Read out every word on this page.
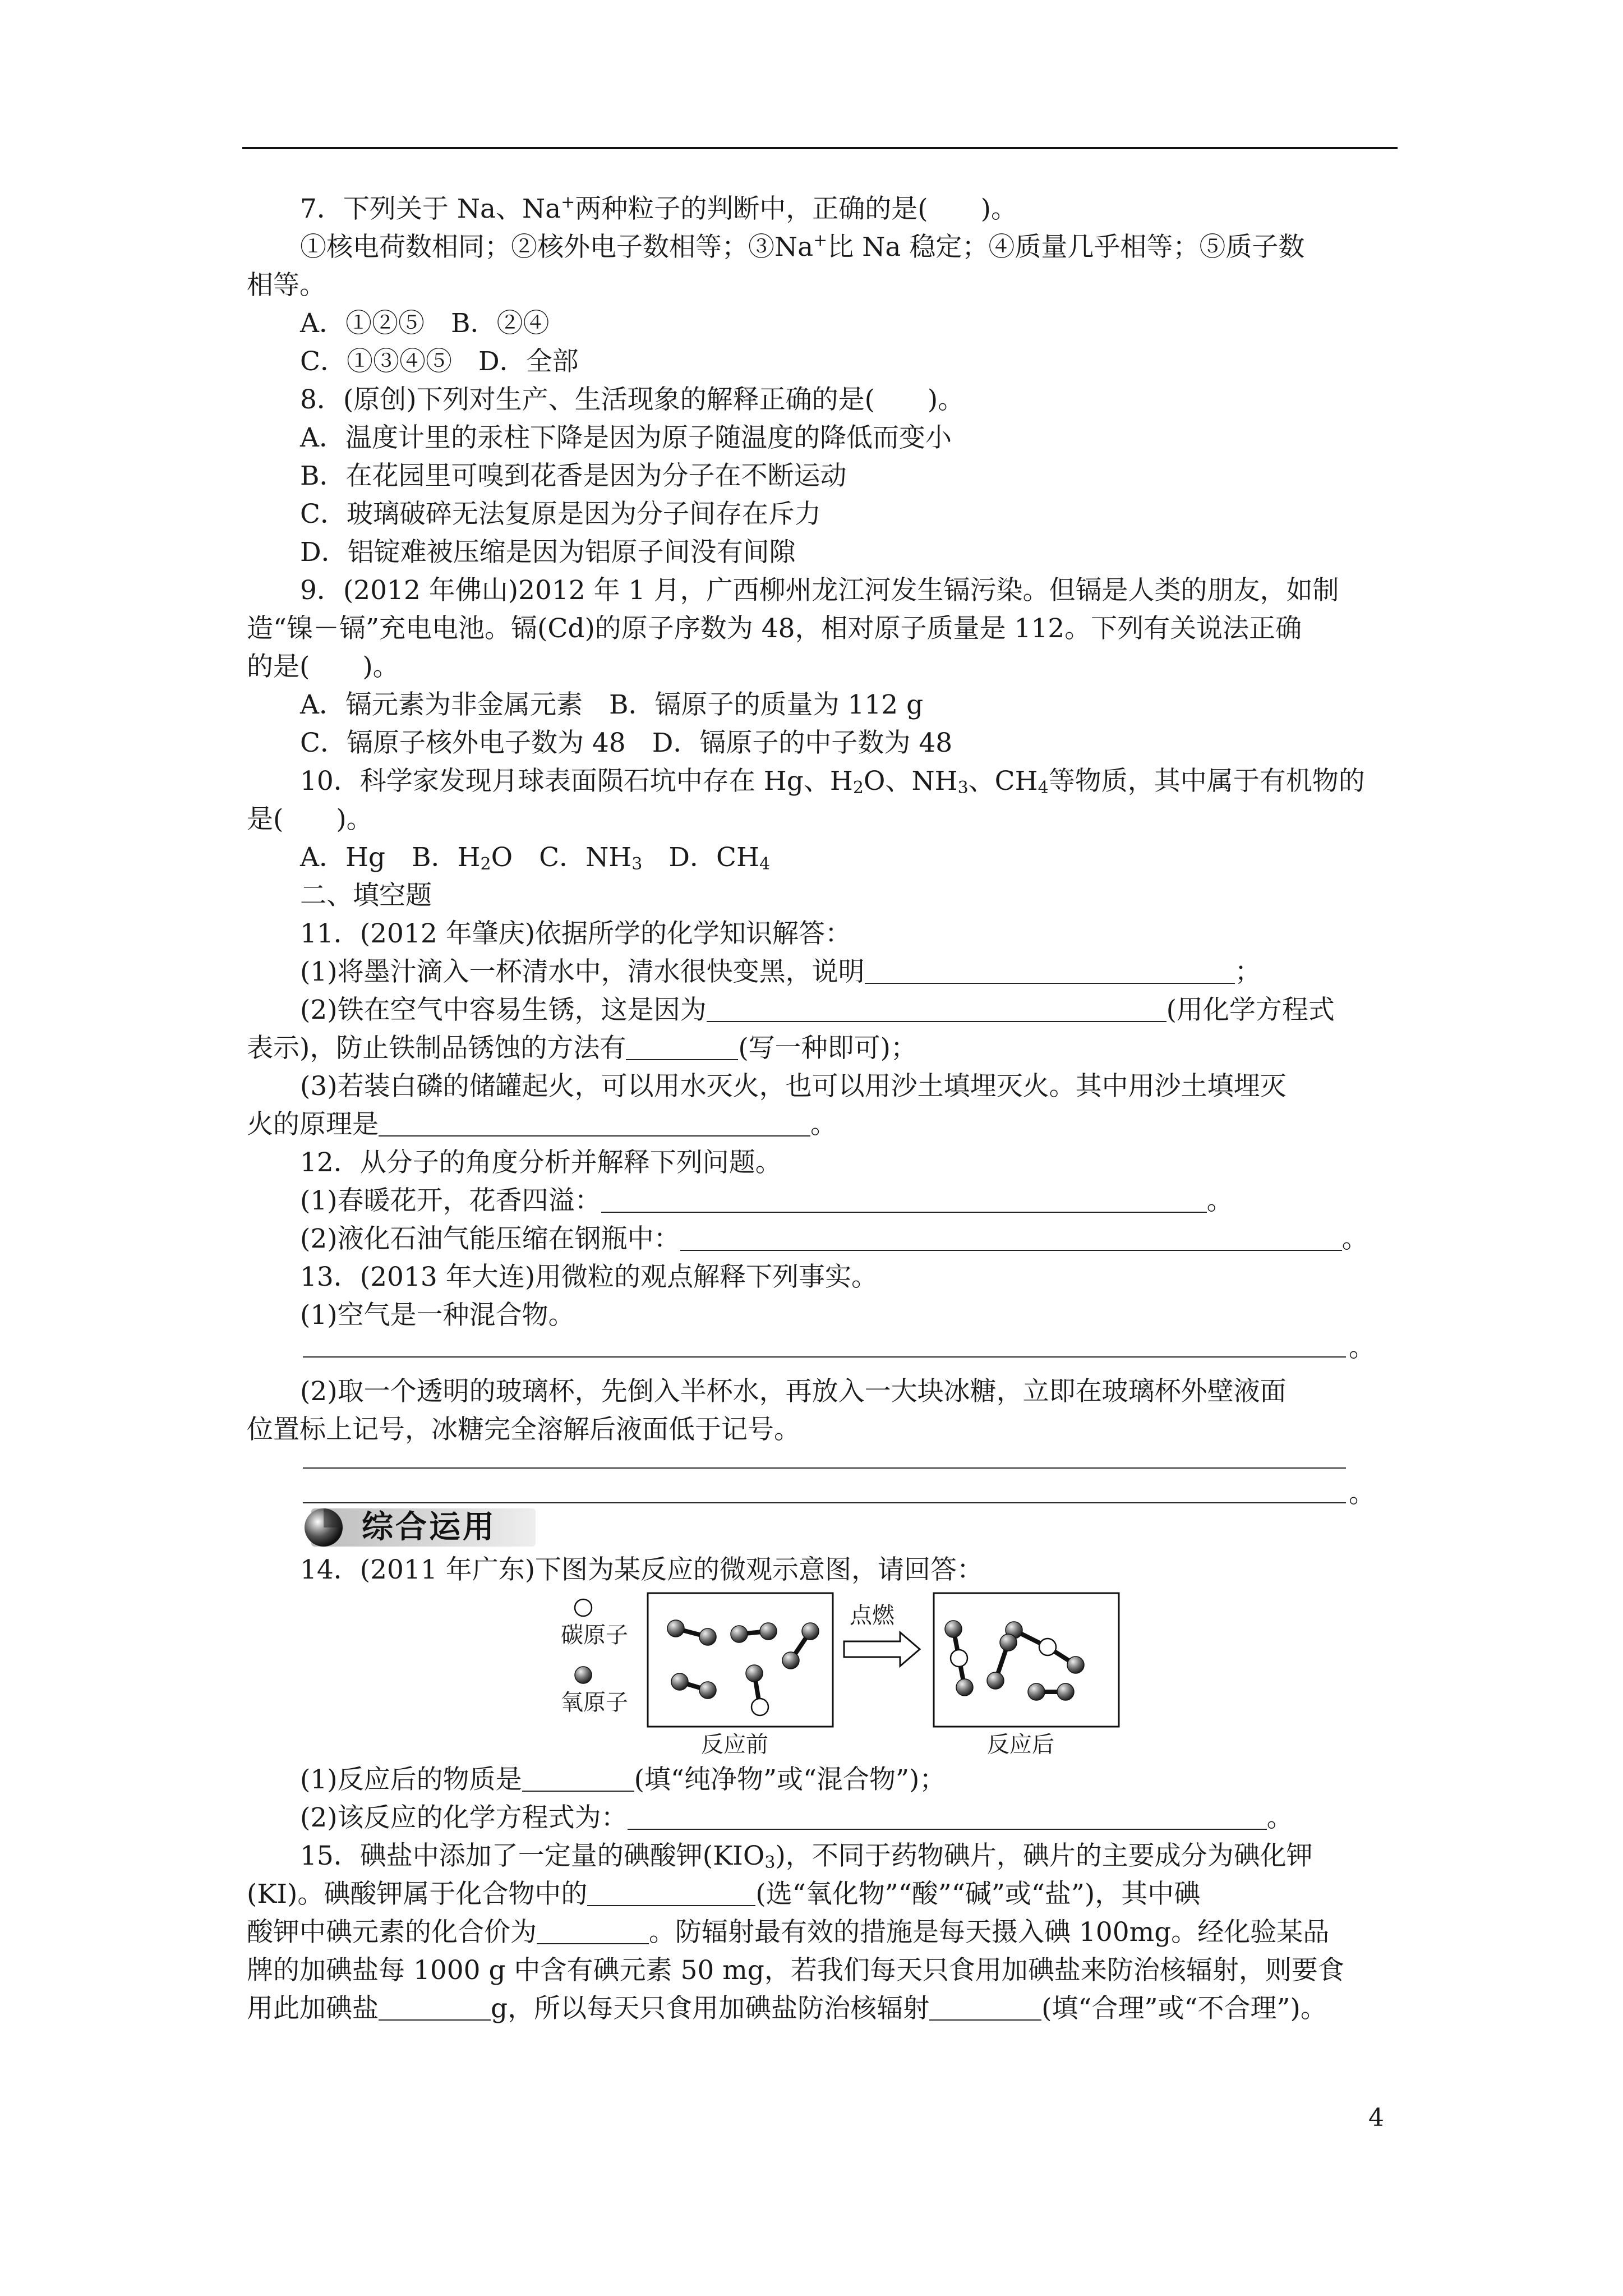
7．下列关于 Na、Na+两种粒子的判断中，正确的是(　　)。
①核电荷数相同；②核外电子数相等；③Na+比 Na 稳定；④质量几乎相等；⑤质子数
相等。
A．①②⑤　B．②④
C．①③④⑤　D．全部
8．(原创)下列对生产、生活现象的解释正确的是(　　)。
A．温度计里的汞柱下降是因为原子随温度的降低而变小
B．在花园里可嗅到花香是因为分子在不断运动
C．玻璃破碎无法复原是因为分子间存在斥力
D．铝锭难被压缩是因为铝原子间没有间隙
9．(2012 年佛山)2012 年 1 月，广西柳州龙江河发生镉污染。但镉是人类的朋友，如制
造“镍－镉”充电电池。镉(Cd)的原子序数为 48，相对原子质量是 112。下列有关说法正确
的是(　　)。
A．镉元素为非金属元素　B．镉原子的质量为 112 g
C．镉原子核外电子数为 48　D．镉原子的中子数为 48
10．科学家发现月球表面陨石坑中存在 Hg、$H_2O$、$NH_3$、$CH_4$等物质，其中属于有机物的
是(　　)。
A．Hg　B．$H_2O$　C．$NH_3$　D．$CH_4$
二、填空题
11．(2012 年肇庆)依据所学的化学知识解答：
(1)将墨汁滴入一杯清水中，清水很快变黑，说明	；
(2)铁在空气中容易生锈，这是因为	(用化学方程式
表示)，防止铁制品锈蚀的方法有	(写一种即可)；
(3)若装白磷的储罐起火，可以用水灭火，也可以用沙土填埋灭火。其中用沙土填埋灭
火的原理是	。
12．从分子的角度分析并解释下列问题。
(1)春暖花开，花香四溢：	。
(2)液化石油气能压缩在钢瓶中：	。
13．(2013 年大连)用微粒的观点解释下列事实。
(1)空气是一种混合物。
。
(2)取一个透明的玻璃杯，先倒入半杯水，再放入一大块冰糖，立即在玻璃杯外壁液面
位置标上记号，冰糖完全溶解后液面低于记号。
。
综合运用
14．(2011 年广东)下图为某反应的微观示意图，请回答：
碳原子
氧原子
反应前
点燃
反应后
(1)反应后的物质是	(填“纯净物”或“混合物”)；
(2)该反应的化学方程式为：	。
15．碘盐中添加了一定量的碘酸钾$(KIO_3)$，不同于药物碘片，碘片的主要成分为碘化钾
(KI)。碘酸钾属于化合物中的	(选“氧化物”“酸”“碱”或“盐”)，其中碘
酸钾中碘元素的化合价为	。防辐射最有效的措施是每天摄入碘 100mg。经化验某品
牌的加碘盐每 1000 g 中含有碘元素 50 mg，若我们每天只食用加碘盐来防治核辐射，则要食
用此加碘盐	g，所以每天只食用加碘盐防治核辐射	(填“合理”或“不合理”)。
4
